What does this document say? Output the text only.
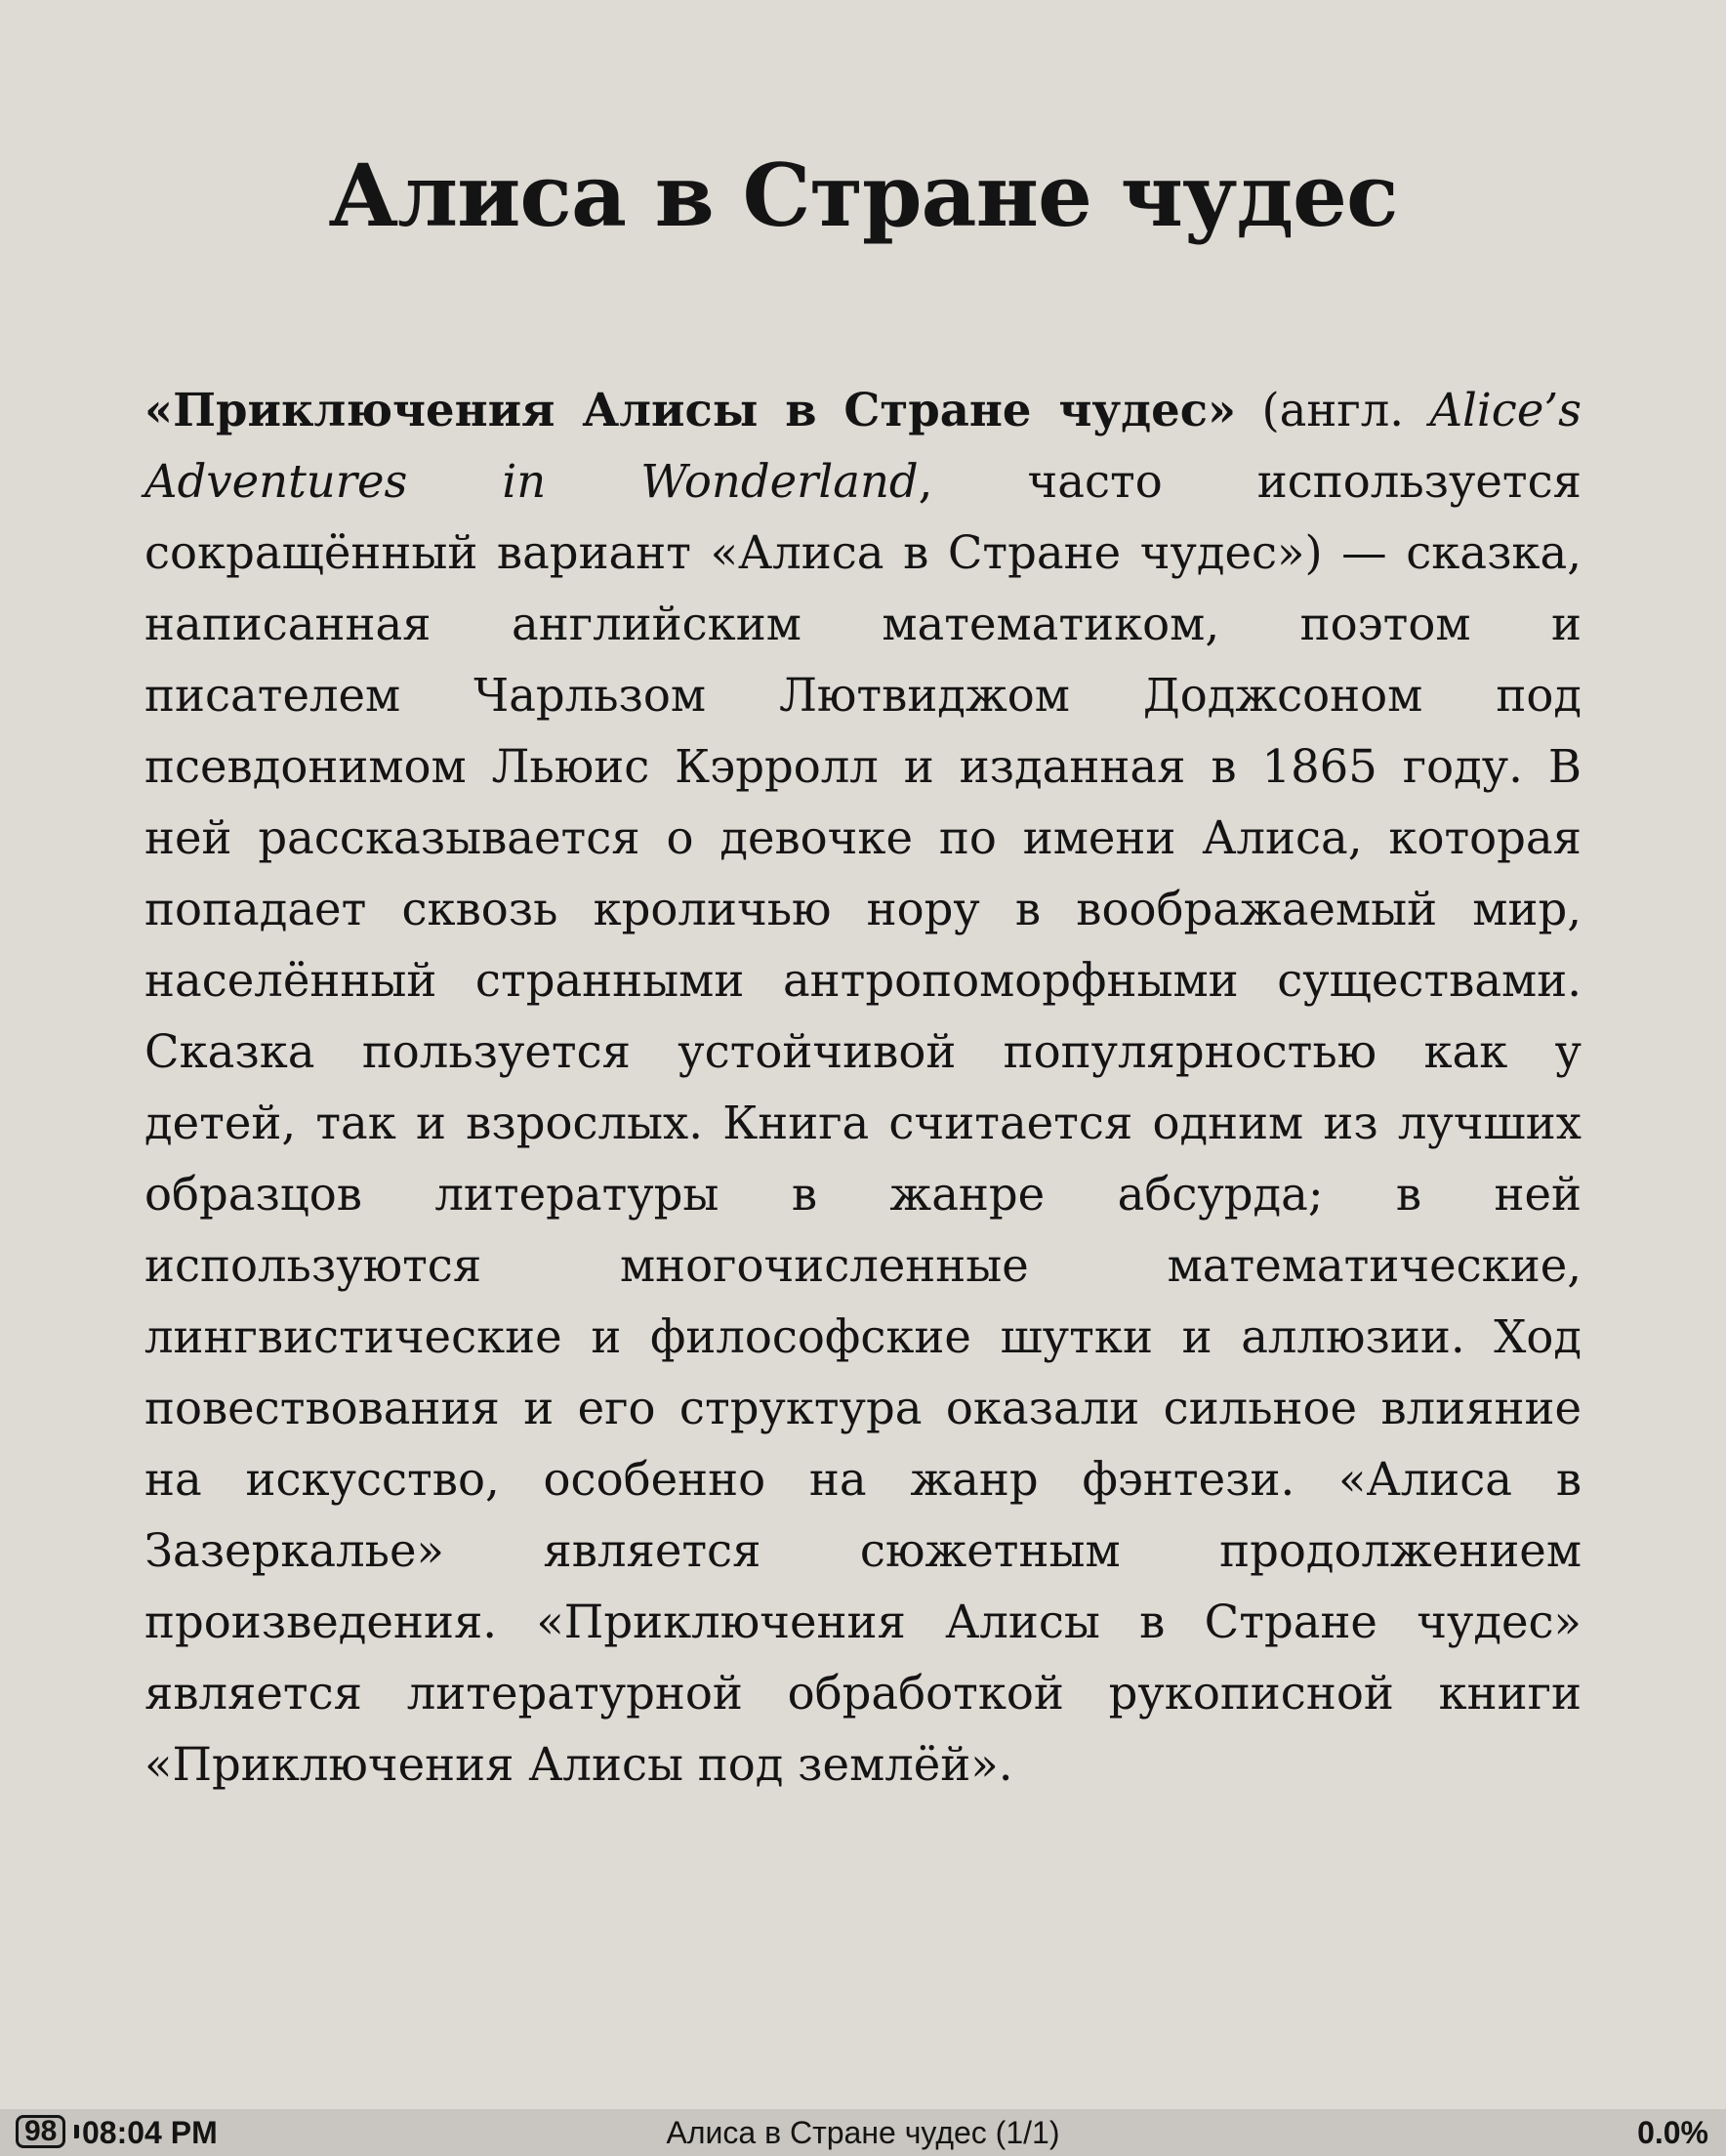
Алиса в Стране чудес

«Приключения Алисы в Стране чудес» (англ. Alice’s Adventures in Wonderland, часто используется сокращённый вариант «Алиса в Стране чудес») — сказка, написанная английским математиком, поэтом и писателем Чарльзом Лютвиджом Доджсоном под псевдонимом Льюис Кэрролл и изданная в 1865 году. В ней рассказывается о девочке по имени Алиса, которая попадает сквозь кроличью нору в воображаемый мир, населённый странными антропоморфными существами. Сказка пользуется устойчивой популярностью как у детей, так и взрослых. Книга считается одним из лучших образцов литературы в жанре абсурда; в ней используются многочисленные математические, лингвистические и философские шутки и аллюзии. Ход повествования и его структура оказали сильное влияние на искусство, особенно на жанр фэнтези. «Алиса в Зазеркалье» является сюжетным продолжением произведения. «Приключения Алисы в Стране чудес» является литературной обработкой рукописной книги «Приключения Алисы под землёй».

98 08:04 PM	Алиса в Стране чудес (1/1)	0.0%
